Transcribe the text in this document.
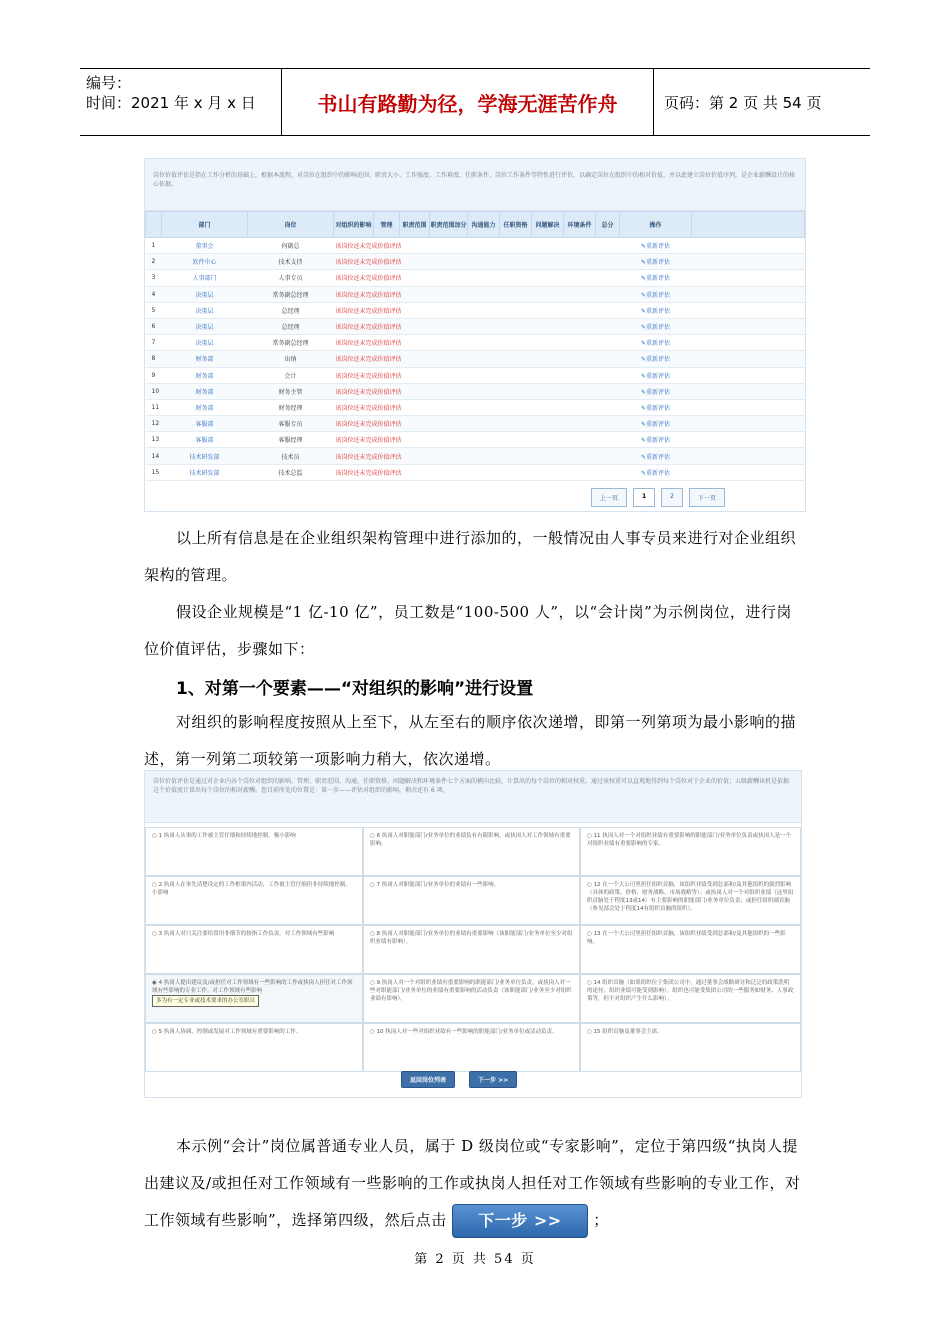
编号：
时间：2021 年 x 月 x 日	书山有路勤为径，学海无涯苦作舟	页码：第 2 页 共 54 页
岗位价值评估是指在工作分析的基础上，根据本流程，对岗位在组织中的影响范围、职责大小、工作强度、工作难度、任职条件、岗位工作条件等特性进行评价，以确定岗位在组织中的相对价值，并以此建立岗位价值序列，是企业薪酬设计的核心依据。
	部门	岗位	对组织的影响	管理	职责范围	职责范围加分	沟通能力	任职资格	问题解决	环境条件	总分	操作	
1	董事会	何副总	该岗位还未完成价值评估									✎重新评估	
2	软件中心	技术支持	该岗位还未完成价值评估									✎重新评估	
3	人事部门	人事专员	该岗位还未完成价值评估									✎重新评估	
4	决策层	常务副总经理	该岗位还未完成价值评估									✎重新评估	
5	决策层	总经理	该岗位还未完成价值评估									✎重新评估	
6	决策层	总经理	该岗位还未完成价值评估									✎重新评估	
7	决策层	常务副总经理	该岗位还未完成价值评估									✎重新评估	
8	财务部	出纳	该岗位还未完成价值评估									✎重新评估	
9	财务部	会计	该岗位还未完成价值评估									✎重新评估	
10	财务部	财务主管	该岗位还未完成价值评估									✎重新评估	
11	财务部	财务经理	该岗位还未完成价值评估									✎重新评估	
12	客服部	客服专员	该岗位还未完成价值评估									✎重新评估	
13	客服部	客服经理	该岗位还未完成价值评估									✎重新评估	
14	技术研发部	技术员	该岗位还未完成价值评估									✎重新评估	
15	技术研发部	技术总监	该岗位还未完成价值评估									✎重新评估	
上一页	1	2	下一页
以上所有信息是在企业组织架构管理中进行添加的，一般情况由人事专员来进行对企业组织架构的管理。
假设企业规模是“1 亿-10 亿”，员工数是“100-500 人”，以“会计岗”为示例岗位，进行岗位价值评估，步骤如下：
1、对第一个要素——“对组织的影响”进行设置
对组织的影响程度按照从上至下，从左至右的顺序依次递增，即第一列第项为最小影响的描述，第一列第二项较第一项影响力稍大，依次递增。
岗位价值评估是通过对企业内各个岗位对组织的影响、管理、职责范围、沟通、任职资格、问题解决和环境条件七个方面的横向比较，计算出的每个岗位的相对权重，通过该权重可以直观地得到每个岗位对于企业的价值；五级薪酬该机是依据这个价值度计算出每个岗位的相对薪酬。您目前所处的位置是：第一步——评估对组织的影响，剩余还有 6 项。
○ 1 执岗人从事的工作被主管仔细和持续地控制。极小影响	○ 6 执岗人对职能部门/业务单位的业绩负有有限影响，或执岗人对工作领域有重要影响。
○ 11 执岗人对一个对组织业绩有重要影响的职能部门/业务单位负责或执岗人是一个对组织业绩有重要影响的专家。
○ 2 执岗人在事先清楚设定的工作框架内活动，工作被主管仔细但非持续地控制。小影响
○ 7 执岗人对职能部门/业务单位的业绩有一些影响。	○ 12 在一个大公司里担任组织首脑，该组织业绩受到总部和/及其他组织的强烈影响（具体的政策、价格、财务战略、市场战略等）；或执岗人对一个对组织业绩（这里组织首脑处于程度13或14）有主要影响的职能部门/业务单位负责；或担任组织副首脑（参见部会处于程度14有组织首脑的组织）。
○ 3 执岗人对只关注要给常用非细节的按指工作负责。对工作领域有些影响	○ 8 执岗人对职能部门/业务单位的业绩有重要影响（该职能部门/业务单位至少对组织业绩有影响）。
○ 13 在一个大公司里担任组织首脑，该组织业绩受到总部和/及其他组织的一些影响。
◉ 4 执岗人提出建议及/或担任对工作领域有一些影响的工作或执岗人担任对工作领域有些影响的专业工作。对工作领域有些影响
多为有一定专业或技术要求的办公室职员
○ 9 执岗人对一个对组织业绩有重要影响的职能部门/业务单位负责。或执岗人对一些对职能部门/业务单位的业绩有重要影响的活动负责（该职能部门/业务至少对组织业绩有影响）。
○ 14 组织首脑（如果组织位于集团公司中，通过董事会战略研讨和泛泛的政策洗明的途径，组织业绩可能受到影响）。组织也可能受集团公司的一些服务如财务、人事政策等，但不对组织产生什么影响）。
○ 5 执岗人协调、控制或发展对工作领域有重要影响的工作。	○ 10 执岗人对一些对组织业绩有一些影响的职能部门/业务单位或活动负责。	○ 15 组织首脑及董事会主席。
返回岗位列表	下一步 >>
本示例“会计”岗位属普通专业人员，属于 D 级岗位或“专家影响”，定位于第四级“执岗人提出建议及/或担任对工作领域有一些影响的工作或执岗人担任对工作领域有些影响的专业工作，对工作领域有些影响”，选择第四级，然后点击 下一步 >> ；
第 2 页 共 54 页
